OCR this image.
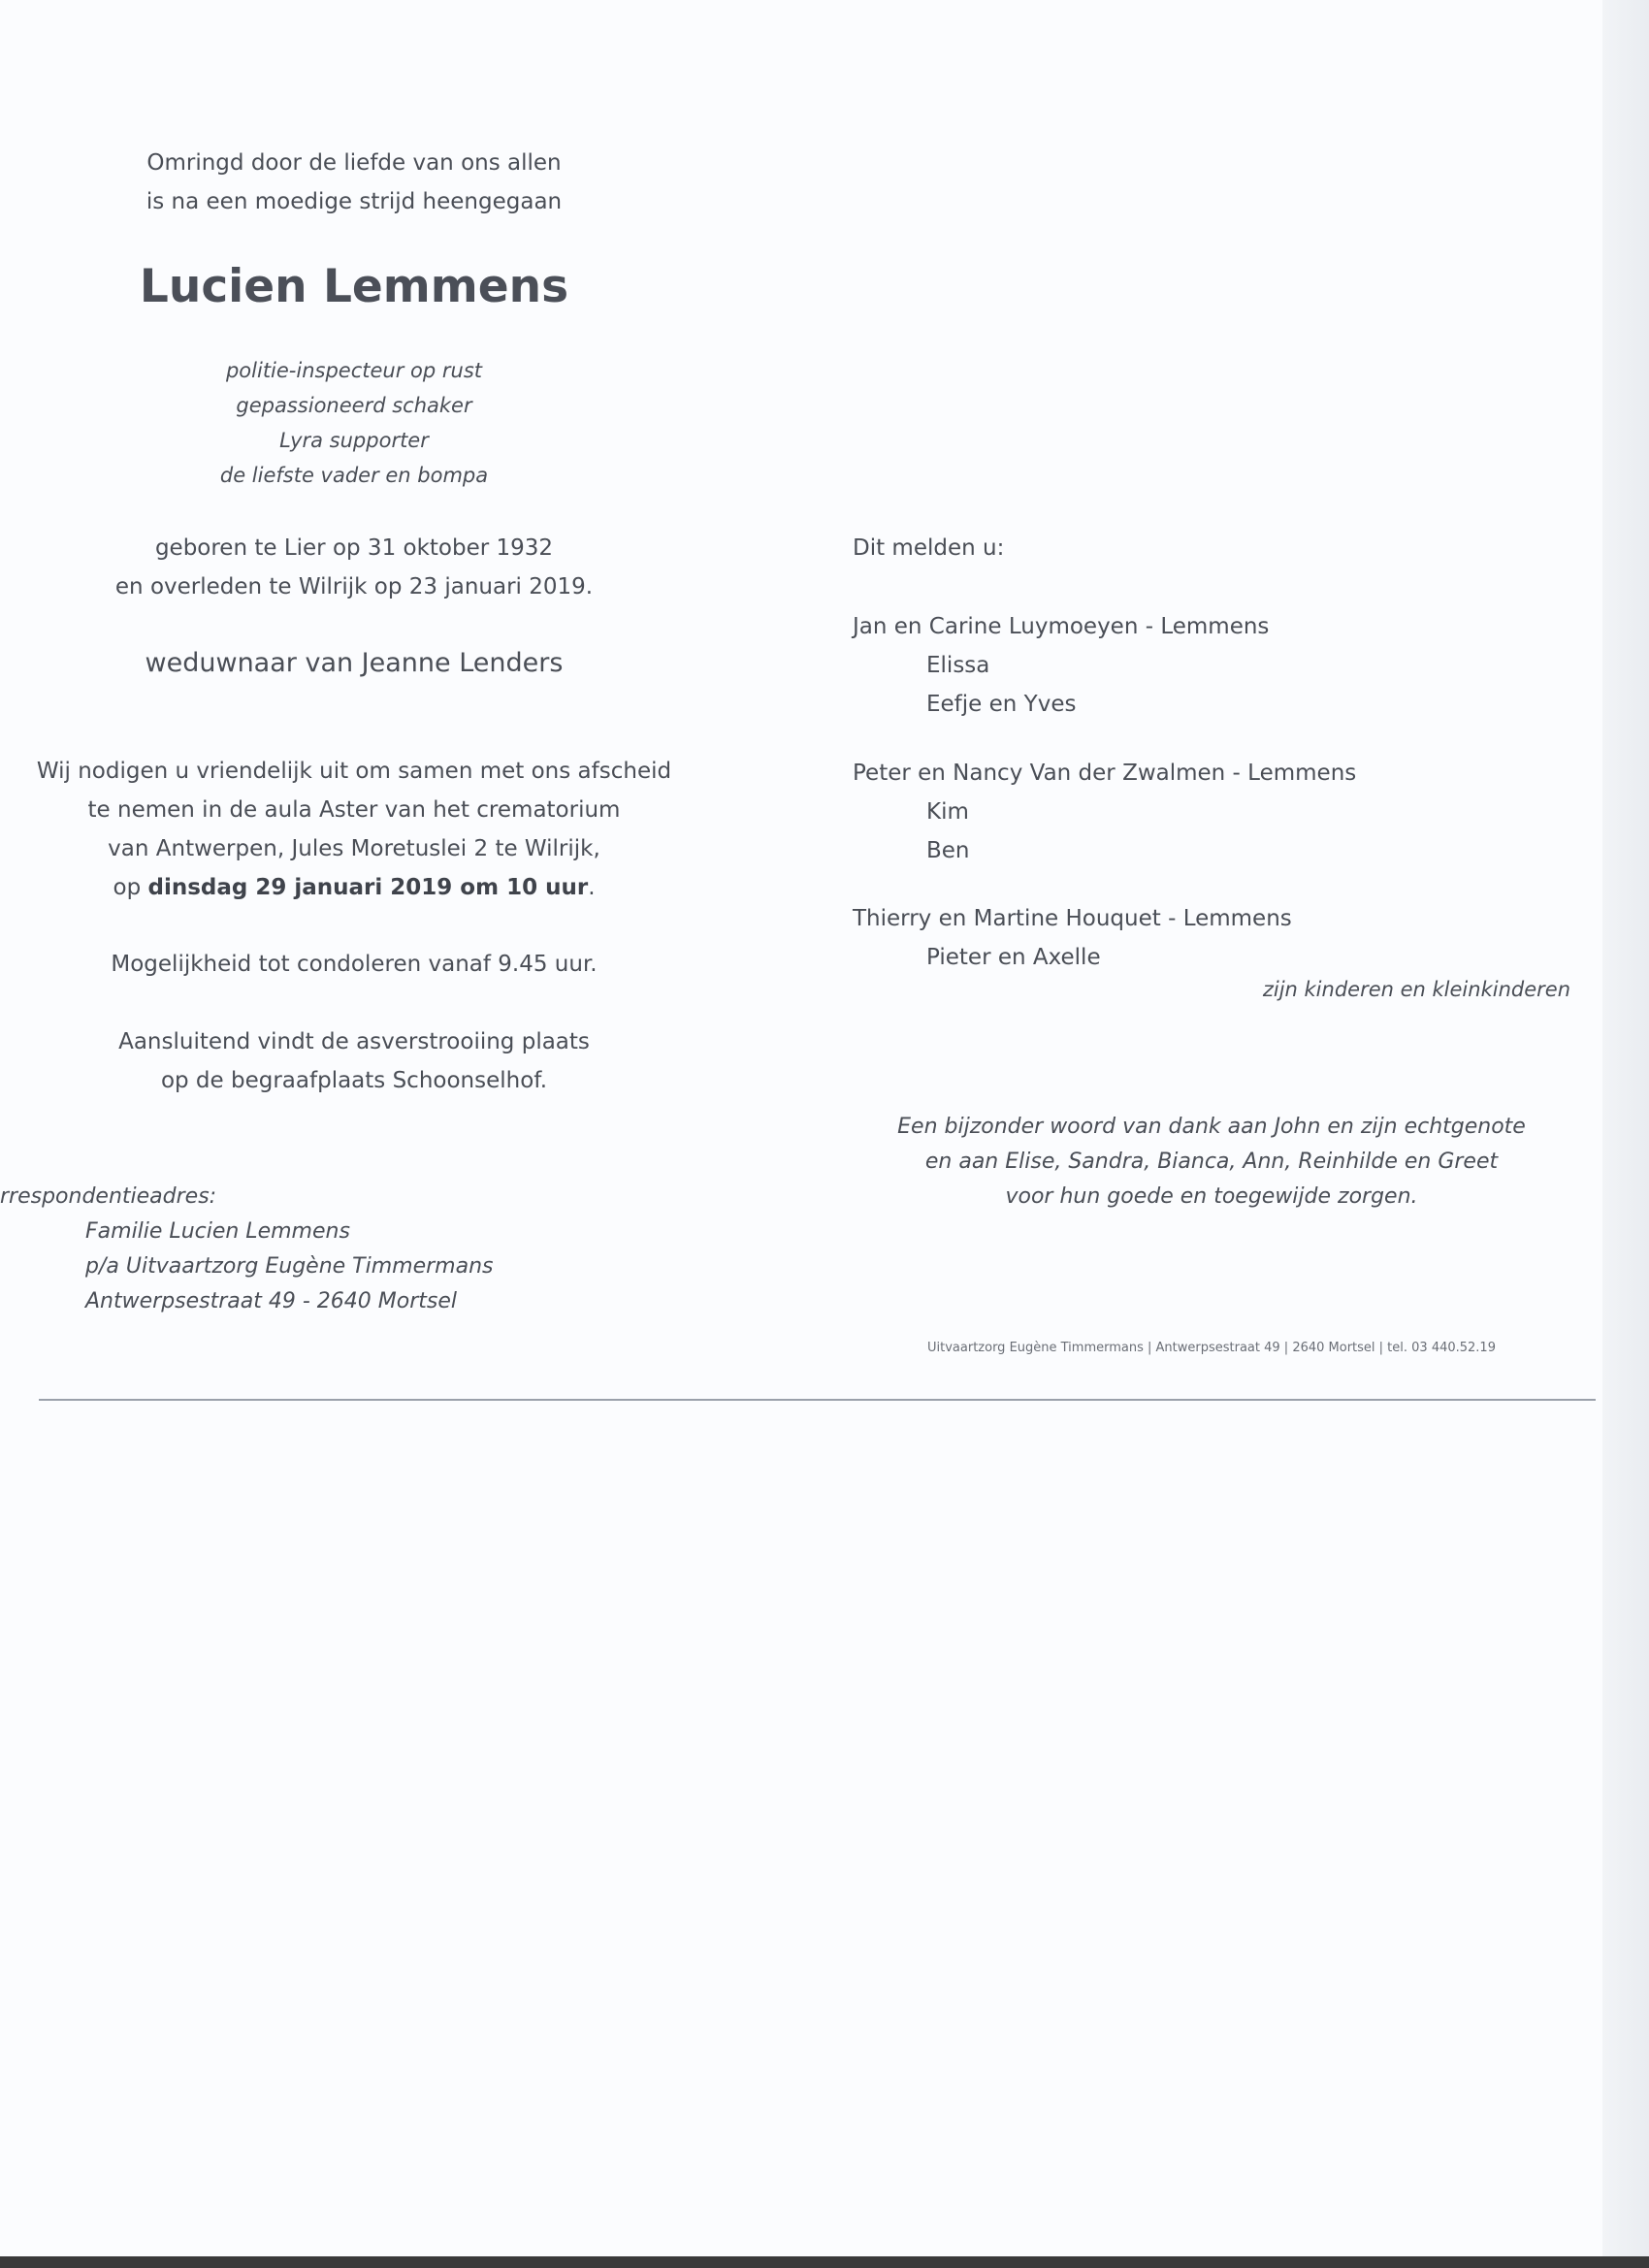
Omringd door de liefde van ons allen

is na een moedige strijd heengegaan

Lucien Lemmens

politie-inspecteur op rust

gepassioneerd schaker

Lyra supporter

de liefste vader en bompa

geboren te Lier op 31 oktober 1932

en overleden te Wilrijk op 23 januari 2019.

weduwnaar van Jeanne Lenders

Wij nodigen u vriendelijk uit om samen met ons afscheid

te nemen in de aula Aster van het crematorium

van Antwerpen, Jules Moretuslei 2 te Wilrijk,

op dinsdag 29 januari 2019 om 10 uur.

Mogelijkheid tot condoleren vanaf 9.45 uur.

Aansluitend vindt de asverstrooiing plaats

op de begraafplaats Schoonselhof.

rrespondentieadres:

Familie Lucien Lemmens

p/a Uitvaartzorg Eugène Timmermans

Antwerpsestraat 49 - 2640 Mortsel

Dit melden u:

Jan en Carine Luymoeyen - Lemmens

Elissa

Eefje en Yves

Peter en Nancy Van der Zwalmen - Lemmens

Kim

Ben

Thierry en Martine Houquet - Lemmens

Pieter en Axelle

zijn kinderen en kleinkinderen

Een bijzonder woord van dank aan John en zijn echtgenote

en aan Elise, Sandra, Bianca, Ann, Reinhilde en Greet

voor hun goede en toegewijde zorgen.

Uitvaartzorg Eugène Timmermans | Antwerpsestraat 49 | 2640 Mortsel | tel. 03 440.52.19
